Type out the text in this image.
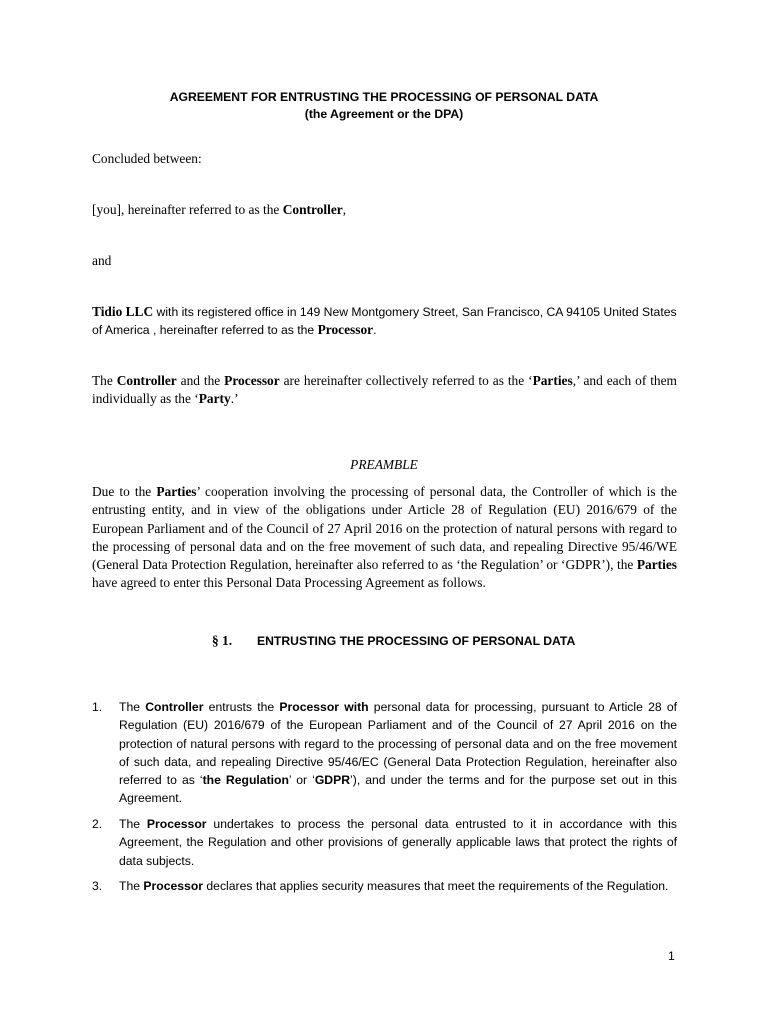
AGREEMENT FOR ENTRUSTING THE PROCESSING OF PERSONAL DATA
(the Agreement or the DPA)
Concluded between:
[you], hereinafter referred to as the Controller,
and
Tidio LLC with its registered office in 149 New Montgomery Street, San Francisco, CA 94105 United States of America , hereinafter referred to as the Processor.
The Controller and the Processor are hereinafter collectively referred to as the ‘Parties,’ and each of them individually as the ‘Party.’
PREAMBLE
Due to the Parties’ cooperation involving the processing of personal data, the Controller of which is the entrusting entity, and in view of the obligations under Article 28 of Regulation (EU) 2016/679 of the European Parliament and of the Council of 27 April 2016 on the protection of natural persons with regard to the processing of personal data and on the free movement of such data, and repealing Directive 95/46/WE (General Data Protection Regulation, hereinafter also referred to as ‘the Regulation’ or ‘GDPR’), the Parties have agreed to enter this Personal Data Processing Agreement as follows.
§ 1. ENTRUSTING THE PROCESSING OF PERSONAL DATA
1. The Controller entrusts the Processor with personal data for processing, pursuant to Article 28 of Regulation (EU) 2016/679 of the European Parliament and of the Council of 27 April 2016 on the protection of natural persons with regard to the processing of personal data and on the free movement of such data, and repealing Directive 95/46/EC (General Data Protection Regulation, hereinafter also referred to as ‘the Regulation’ or ‘GDPR’), and under the terms and for the purpose set out in this Agreement.
2. The Processor undertakes to process the personal data entrusted to it in accordance with this Agreement, the Regulation and other provisions of generally applicable laws that protect the rights of data subjects.
3. The Processor declares that applies security measures that meet the requirements of the Regulation.
1
